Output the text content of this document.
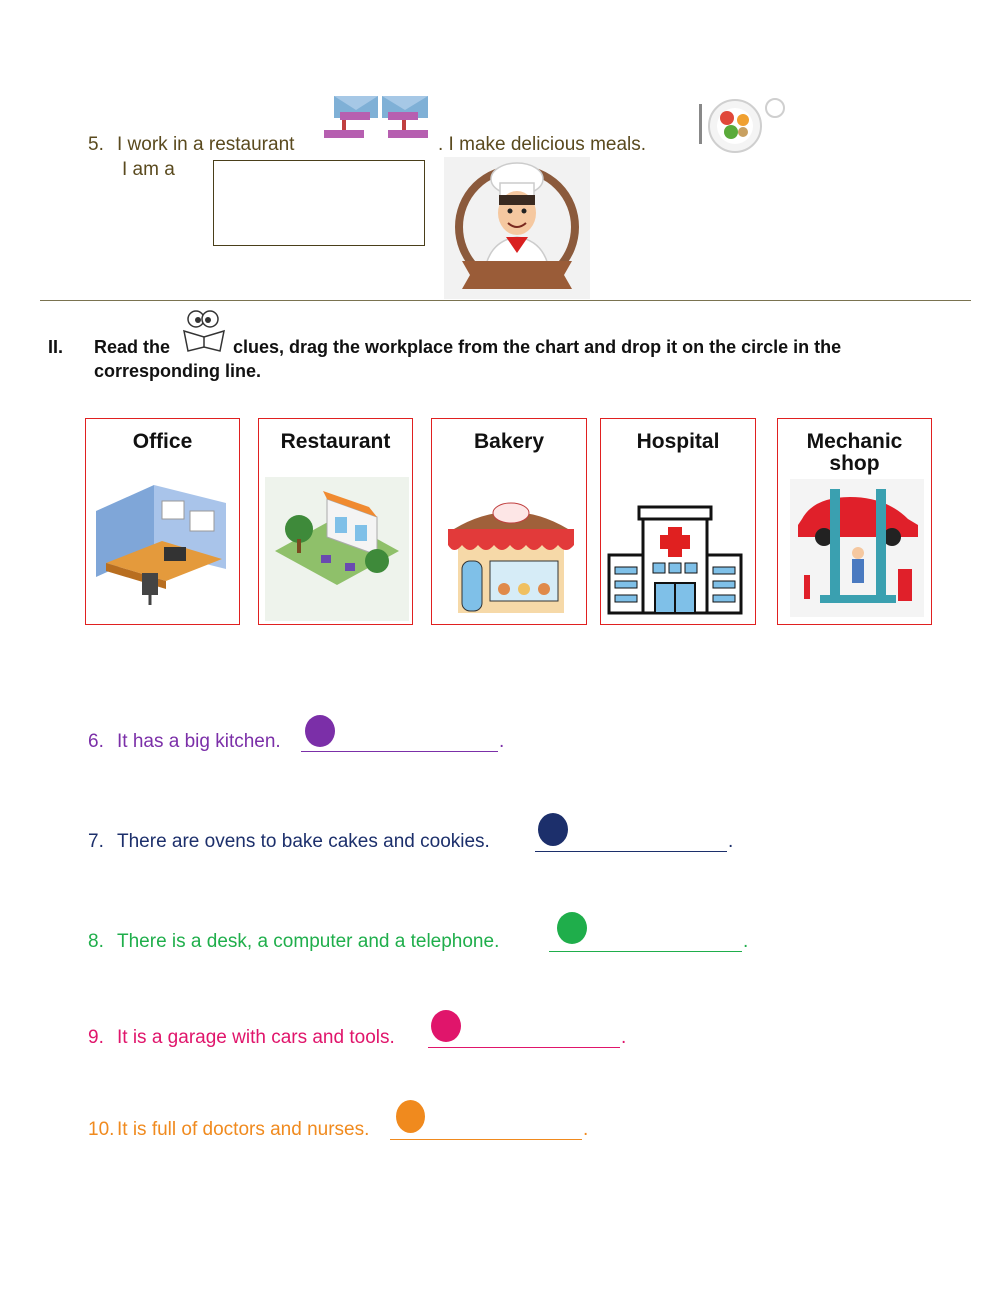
5. I work in a restaurant	. I make delicious meals.
I am a
II. Read the	clues, drag the workplace from the chart and drop it on the circle in the
corresponding line.
Office	Restaurant	Bakery	Hospital	Mechanic shop
6. It has a big kitchen.	.
7. There are ovens to bake cakes and cookies.	.
8. There is a desk, a computer and a telephone.	.
9. It is a garage with cars and tools.	.
10. It is full of doctors and nurses.	.
